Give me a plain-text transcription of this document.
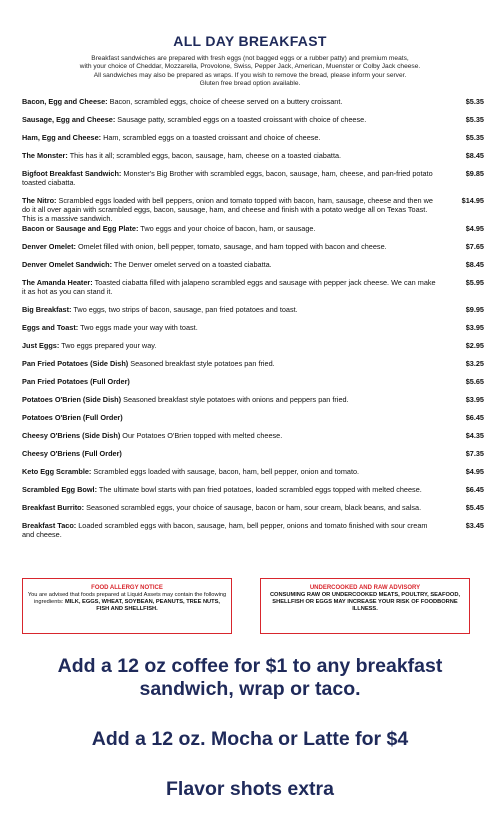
ALL DAY BREAKFAST
Breakfast sandwiches are prepared with fresh eggs (not bagged eggs or a rubber patty) and premium meats,
with your choice of Cheddar, Mozzarella, Provolone, Swiss, Pepper Jack, American, Muenster or Colby Jack cheese.
All sandwiches may also be prepared as wraps. If you wish to remove the bread, please inform your server.
Gluten free bread option available.
Bacon, Egg and Cheese: Bacon, scrambled eggs, choice of cheese served on a buttery croissant.	$5.35
Sausage, Egg and Cheese: Sausage patty, scrambled eggs on a toasted croissant with choice of cheese.	$5.35
Ham, Egg and Cheese: Ham, scrambled eggs on a toasted croissant and choice of cheese.	$5.35
The Monster: This has it all; scrambled eggs, bacon, sausage, ham, cheese on a toasted ciabatta.	$8.45
Bigfoot Breakfast Sandwich: Monster's Big Brother with scrambled eggs, bacon, sausage, ham, cheese, and pan-fried potato toasted ciabatta.
$9.85
The Nitro: Scrambled eggs loaded with bell peppers, onion and tomato topped with bacon, ham, sausage, cheese and then we do it all over again with scrambled eggs, bacon, sausage, ham, and cheese and finish with a potato wedge all on Texas Toast. This is a massive sandwich.
$14.95
Bacon or Sausage and Egg Plate: Two eggs and your choice of bacon, ham, or sausage.	$4.95
Denver Omelet: Omelet filled with onion, bell pepper, tomato, sausage, and ham topped with bacon and cheese.	$7.65
Denver Omelet Sandwich: The Denver omelet served on a toasted ciabatta.	$8.45
The Amanda Heater: Toasted ciabatta filled with jalapeno scrambled eggs and sausage with pepper jack cheese. We can make it as hot as you can stand it.
$5.95
Big Breakfast: Two eggs, two strips of bacon, sausage, pan fried potatoes and toast.	$9.95
Eggs and Toast: Two eggs made your way with toast.	$3.95
Just Eggs: Two eggs prepared your way.	$2.95
Pan Fried Potatoes (Side Dish) Seasoned breakfast style potatoes pan fried.	$3.25
Pan Fried Potatoes (Full Order)	$5.65
Potatoes O'Brien (Side Dish) Seasoned breakfast style potatoes with onions and peppers pan fried.	$3.95
Potatoes O'Brien (Full Order)	$6.45
Cheesy O'Briens (Side Dish) Our Potatoes O'Brien topped with melted cheese.	$4.35
Cheesy O'Briens (Full Order)	$7.35
Keto Egg Scramble: Scrambled eggs loaded with sausage, bacon, ham, bell pepper, onion and tomato.	$4.95
Scrambled Egg Bowl: The ultimate bowl starts with pan fried potatoes, loaded scrambled eggs topped with melted cheese.	$6.45
Breakfast Burrito: Seasoned scrambled eggs, your choice of sausage, bacon or ham, sour cream, black beans, and salsa.	$5.45
Breakfast Taco: Loaded scrambled eggs with bacon, sausage, ham, bell pepper, onions and tomato finished with sour cream and cheese.
$3.45
FOOD ALLERGY NOTICE
You are advised that foods prepared at Liquid Assets may contain the following ingredients: MILK, EGGS, WHEAT, SOYBEAN, PEANUTS, TREE NUTS, FISH AND SHELLFISH.
UNDERCOOKED AND RAW ADVISORY
CONSUMING RAW OR UNDERCOOKED MEATS, POULTRY, SEAFOOD, SHELLFISH OR EGGS MAY INCREASE YOUR RISK OF FOODBORNE ILLNESS.
Add a 12 oz coffee for $1 to any breakfast sandwich, wrap or taco.
Add a 12 oz. Mocha or Latte for $4
Flavor shots extra
